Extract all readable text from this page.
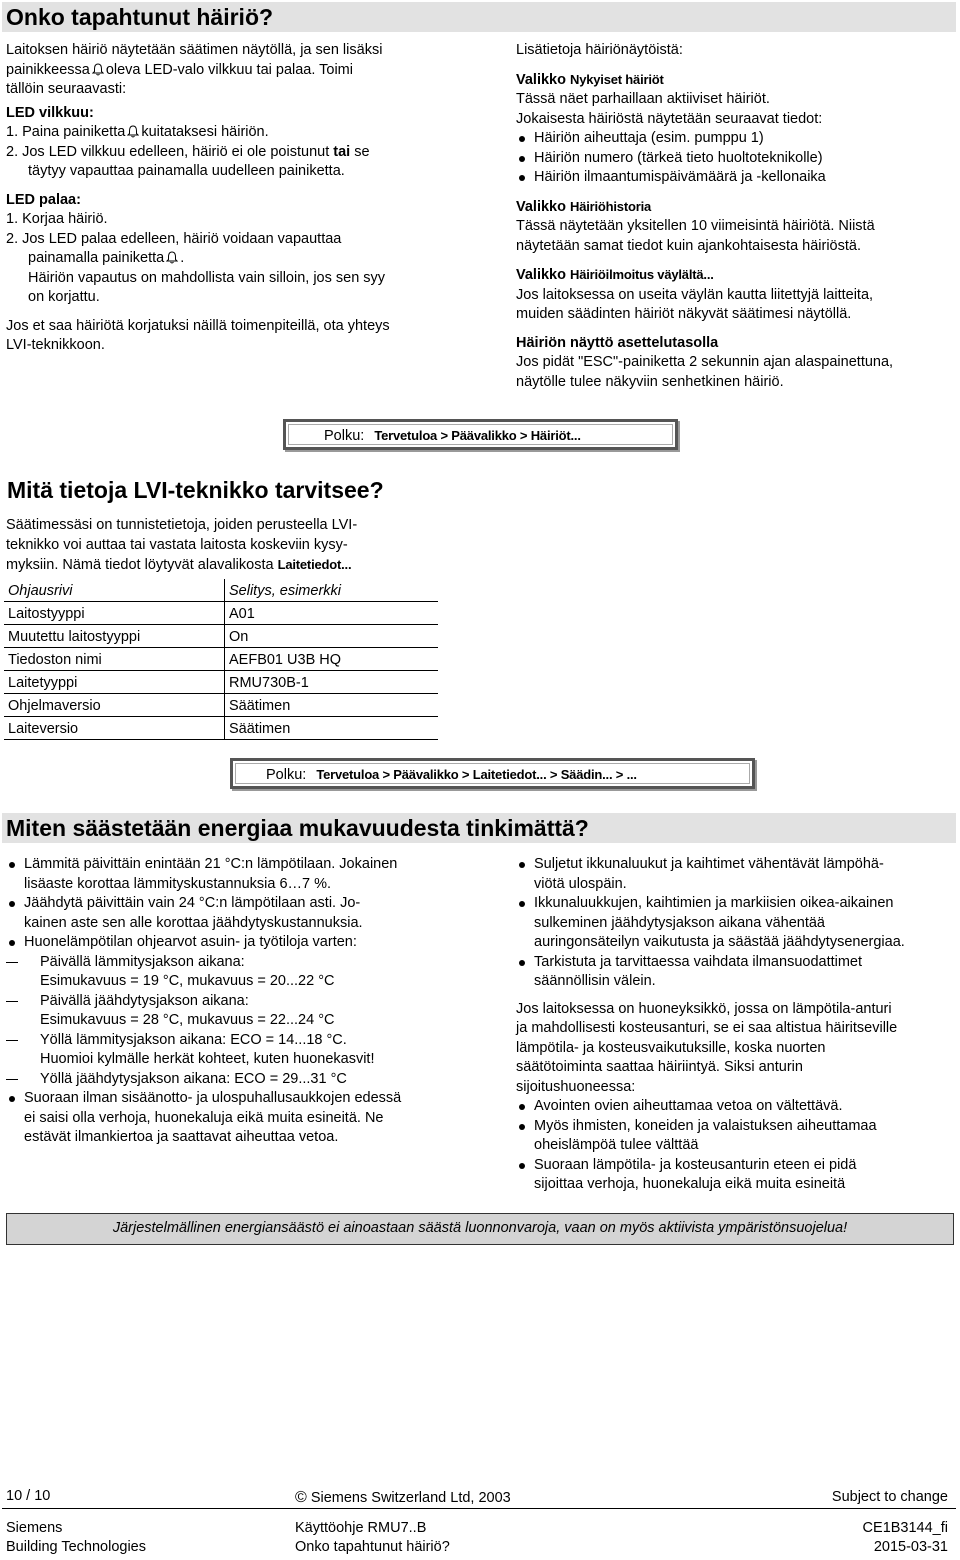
Onko tapahtunut häiriö?

Laitoksen häiriö näytetään säätimen näytöllä, ja sen lisäksi

painikkeessa oleva LED-valo vilkkuu tai palaa. Toimi

tällöin seuraavasti:

LED vilkkuu:

1. Paina painiketta kuitataksesi häiriön.

2. Jos LED vilkkuu edelleen, häiriö ei ole poistunut tai se

täytyy vapauttaa painamalla uudelleen painiketta.

LED palaa:

1. Korjaa häiriö.

2. Jos LED palaa edelleen, häiriö voidaan vapauttaa

painamalla painiketta .

Häiriön vapautus on mahdollista vain silloin, jos sen syy

on korjattu.

Jos et saa häiriötä korjatuksi näillä toimenpiteillä, ota yhteys

LVI-teknikkoon.

Lisätietoja häiriönäytöistä:

Valikko Nykyiset häiriöt

Tässä näet parhaillaan aktiiviset häiriöt.

Jokaisesta häiriöstä näytetään seuraavat tiedot:

Häiriön aiheuttaja (esim. pumppu 1)
Häiriön numero (tärkeä tieto huoltoteknikolle)
Häiriön ilmaantumispäivämäärä ja -kellonaika

Valikko Häiriöhistoria

Tässä näytetään yksitellen 10 viimeisintä häiriötä. Niistä

näytetään samat tiedot kuin ajankohtaisesta häiriöstä.

Valikko Häiriöilmoitus väylältä...

Jos laitoksessa on useita väylän kautta liitettyjä laitteita,

muiden säädinten häiriöt näkyvät säätimesi näytöllä.

Häiriön näyttö asettelutasolla

Jos pidät "ESC"-painiketta 2 sekunnin ajan alaspainettuna,

näytölle tulee näkyviin senhetkinen häiriö.

Polku: Tervetuloa > Päävalikko > Häiriöt...
Mitä tietoja LVI-teknikko tarvitsee?

Säätimessäsi on tunnistetietoja, joiden perusteella LVI-

teknikko voi auttaa tai vastata laitosta koskeviin kysy-

myksiin. Nämä tiedot löytyvät alavalikosta Laitetiedot...

Ohjausrivi	Selitys, esimerkki
Laitostyyppi	A01
Muutettu laitostyyppi	On
Tiedoston nimi	AEFB01 U3B HQ
Laitetyyppi	RMU730B-1
Ohjelmaversio	Säätimen
Laiteversio	Säätimen
Polku: Tervetuloa > Päävalikko > Laitetiedot... > Säädin... > ...
Miten säästetään energiaa mukavuudesta tinkimättä?
Lämmitä päivittäin enintään 21 °C:n lämpötilaan. Jokainen
lisäaste korottaa lämmityskustannuksia 6…7 %.
Jäähdytä päivittäin vain 24 °C:n lämpötilaan asti. Jo-
kainen aste sen alle korottaa jäähdytyskustannuksia.
Huonelämpötilan ohjearvot asuin- ja työtiloja varten:
Päivällä lämmitysjakson aikana:
Esimukavuus = 19 °C, mukavuus = 20...22 °C
Päivällä jäähdytysjakson aikana:
Esimukavuus = 28 °C, mukavuus = 22...24 °C
Yöllä lämmitysjakson aikana: ECO = 14...18 °C.
Huomioi kylmälle herkät kohteet, kuten huonekasvit!
Yöllä jäähdytysjakson aikana: ECO = 29...31 °C
Suoraan ilman sisäänotto- ja ulospuhallusaukkojen edessä
ei saisi olla verhoja, huonekaluja eikä muita esineitä. Ne
estävät ilmankiertoa ja saattavat aiheuttaa vetoa.
Suljetut ikkunaluukut ja kaihtimet vähentävät lämpöhä-
viötä ulospäin.
Ikkunaluukkujen, kaihtimien ja markiisien oikea-aikainen
sulkeminen jäähdytysjakson aikana vähentää
auringonsäteilyn vaikutusta ja säästää jäähdytysenergiaa.
Tarkistuta ja tarvittaessa vaihdata ilmansuodattimet
säännöllisin välein.

Jos laitoksessa on huoneyksikkö, jossa on lämpötila-anturi
ja mahdollisesti kosteusanturi, se ei saa altistua häiritseville
lämpötila- ja kosteusvaikutuksille, koska nuorten
säätötoiminta saattaa häiriintyä. Siksi anturin
sijoitushuoneessa:

Avointen ovien aiheuttamaa vetoa on vältettävä.
Myös ihmisten, koneiden ja valaistuksen aiheuttamaa
oheislämpöä tulee välttää
Suoraan lämpötila- ja kosteusanturin eteen ei pidä
sijoittaa verhoja, huonekaluja eikä muita esineitä
Järjestelmällinen energiansäästö ei ainoastaan säästä luonnonvaroja, vaan on myös aktiivista ympäristönsuojelua!
10 / 10	© Siemens Switzerland Ltd, 2003	Subject to change
Siemens
Building Technologies
Käyttöohje RMU7..B
Onko tapahtunut häiriö?
CE1B3144_fi
2015-03-31
